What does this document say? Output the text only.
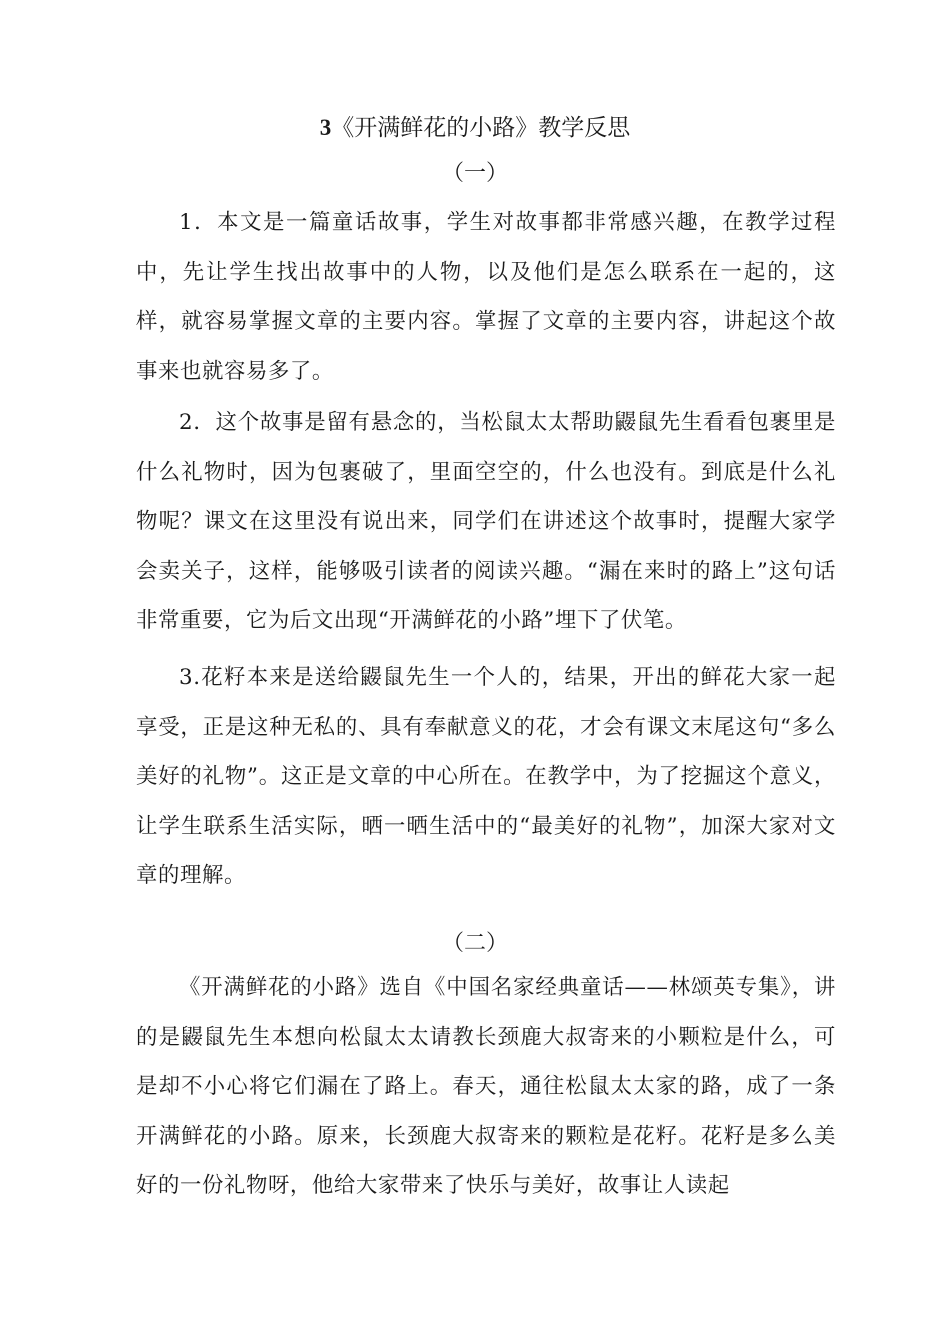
3《开满鲜花的小路》教学反思
（一）

1．本文是一篇童话故事，学生对故事都非常感兴趣，在教学过程中，先让学生找出故事中的人物，以及他们是怎么联系在一起的，这样，就容易掌握文章的主要内容。掌握了文章的主要内容，讲起这个故事来也就容易多了。

2．这个故事是留有悬念的，当松鼠太太帮助鼹鼠先生看看包裹里是什么礼物时，因为包裹破了，里面空空的，什么也没有。到底是什么礼物呢？课文在这里没有说出来，同学们在讲述这个故事时，提醒大家学会卖关子，这样，能够吸引读者的阅读兴趣。“漏在来时的路上”这句话非常重要，它为后文出现“开满鲜花的小路”埋下了伏笔。

3.花籽本来是送给鼹鼠先生一个人的，结果，开出的鲜花大家一起享受，正是这种无私的、具有奉献意义的花，才会有课文末尾这句“多么美好的礼物”。这正是文章的中心所在。在教学中，为了挖掘这个意义，让学生联系生活实际，晒一晒生活中的“最美好的礼物”，加深大家对文章的理解。

（二）

《开满鲜花的小路》选自《中国名家经典童话——林颂英专集》，讲的是鼹鼠先生本想向松鼠太太请教长颈鹿大叔寄来的小颗粒是什么，可是却不小心将它们漏在了路上。春天，通往松鼠太太家的路，成了一条开满鲜花的小路。原来，长颈鹿大叔寄来的颗粒是花籽。花籽是多么美好的一份礼物呀，他给大家带来了快乐与美好，故事让人读起
